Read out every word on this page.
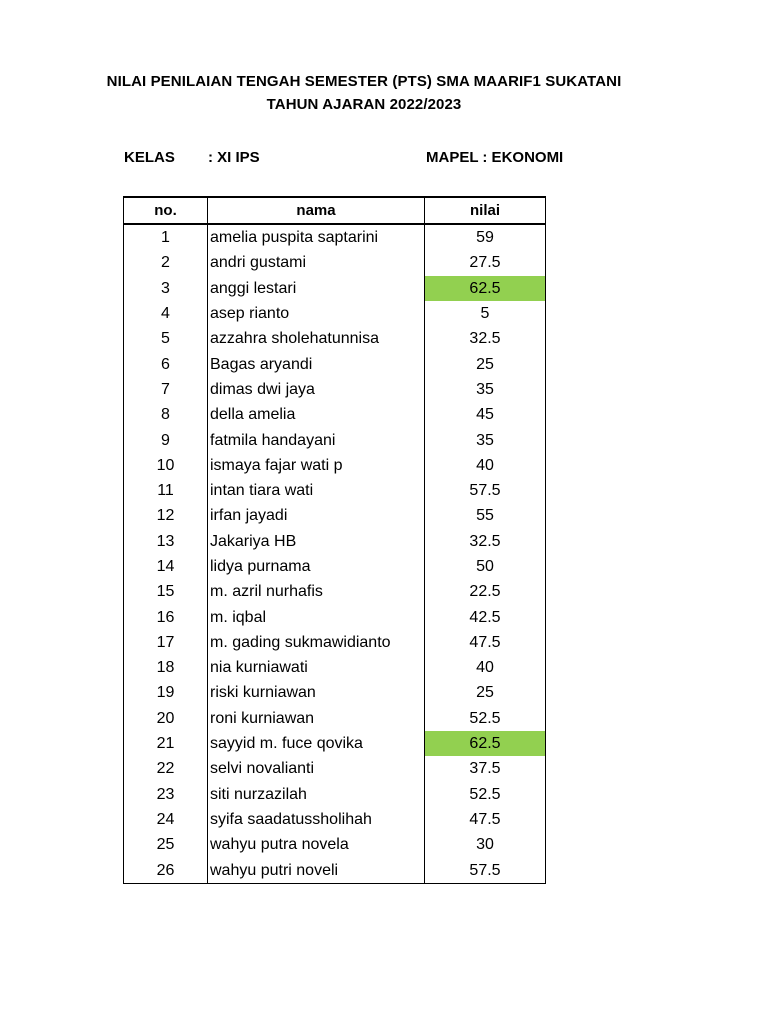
NILAI PENILAIAN TENGAH SEMESTER (PTS) SMA MAARIF1 SUKATANI
TAHUN AJARAN 2022/2023
KELAS : XI IPS	MAPEL : EKONOMI
no.	nama	nilai
1	amelia puspita saptarini	59
2	andri gustami	27.5
3	anggi lestari	62.5
4	asep rianto	5
5	azzahra sholehatunnisa	32.5
6	Bagas aryandi	25
7	dimas dwi jaya	35
8	della amelia	45
9	fatmila handayani	35
10	ismaya fajar wati p	40
11	intan tiara wati	57.5
12	irfan jayadi	55
13	Jakariya HB	32.5
14	lidya purnama	50
15	m. azril nurhafis	22.5
16	m. iqbal	42.5
17	m. gading sukmawidianto	47.5
18	nia kurniawati	40
19	riski kurniawan	25
20	roni kurniawan	52.5
21	sayyid m. fuce qovika	62.5
22	selvi novalianti	37.5
23	siti nurzazilah	52.5
24	syifa saadatussholihah	47.5
25	wahyu putra novela	30
26	wahyu putri noveli	57.5
